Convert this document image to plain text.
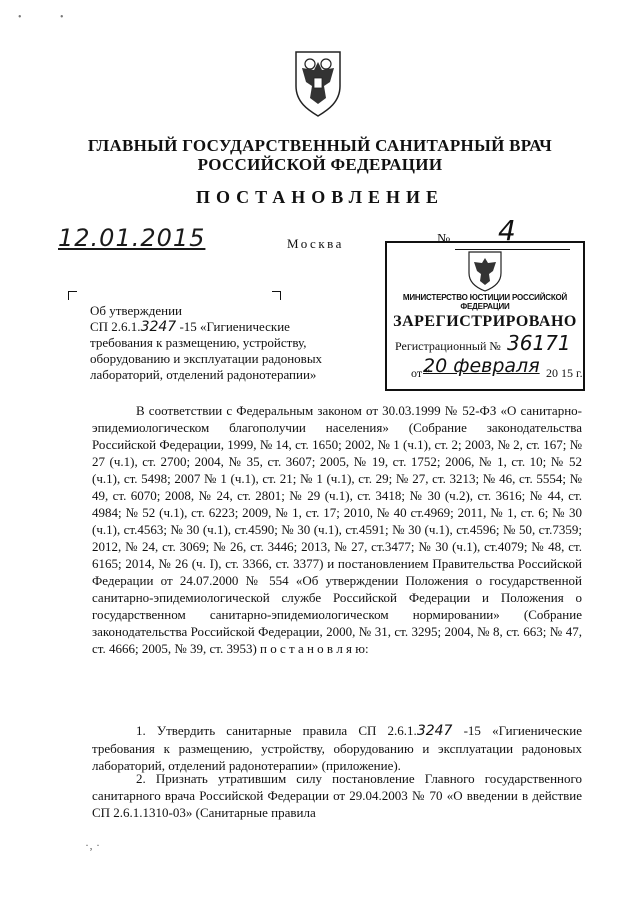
• •
ГЛАВНЫЙ ГОСУДАРСТВЕННЫЙ САНИТАРНЫЙ ВРАЧ
РОССИЙСКОЙ ФЕДЕРАЦИИ
ПОСТАНОВЛЕНИЕ
12.01.2015	Москва	№ 4
МИНИСТЕРСТВО ЮСТИЦИИ РОССИЙСКОЙ ФЕДЕРАЦИИ
ЗАРЕГИСТРИРОВАНО
Регистрационный № 36171
от "
20 февраля 20 15 г.
Об утверждении
СП 2.6.1.3247 -15 «Гигиенические
требования к размещению, устройству,
оборудованию и эксплуатации радоновых
лабораторий, отделений радонотерапии»
В соответствии с Федеральным законом от 30.03.1999 № 52-ФЗ «О санитарно-эпидемиологическом благополучии населения» (Собрание законодательства Российской Федерации, 1999, № 14, ст. 1650; 2002, № 1 (ч.1), ст. 2; 2003, № 2, ст. 167; № 27 (ч.1), ст. 2700; 2004, № 35, ст. 3607; 2005, № 19, ст. 1752; 2006, № 1, ст. 10; № 52 (ч.1), ст. 5498; 2007 № 1 (ч.1), ст. 21; № 1 (ч.1), ст. 29; № 27, ст. 3213; № 46, ст. 5554; № 49, ст. 6070; 2008, № 24, ст. 2801; № 29 (ч.1), ст. 3418; № 30 (ч.2), ст. 3616; № 44, ст. 4984; № 52 (ч.1), ст. 6223; 2009, № 1, ст. 17; 2010, № 40 ст.4969; 2011, № 1, ст. 6; № 30 (ч.1), ст.4563; № 30 (ч.1), ст.4590; № 30 (ч.1), ст.4591; № 30 (ч.1), ст.4596; № 50, ст.7359; 2012, № 24, ст. 3069; № 26, ст. 3446; 2013, № 27, ст.3477; № 30 (ч.1), ст.4079; № 48, ст. 6165; 2014, № 26 (ч. I), ст. 3366, ст. 3377) и постановлением Правительства Российской Федерации от 24.07.2000 № 554 «Об утверждении Положения о государственной санитарно-эпидемиологической службе Российской Федерации и Положения о государственном санитарно-эпидемиологическом нормировании» (Собрание законодательства Российской Федерации, 2000, № 31, ст. 3295; 2004, № 8, ст. 663; № 47, ст. 4666; 2005, № 39, ст. 3953) п о с т а н о в л я ю:
1. Утвердить санитарные правила СП 2.6.1.3247 -15 «Гигиенические требования к размещению, устройству, оборудованию и эксплуатации радоновых лабораторий, отделений радонотерапии» (приложение).
2. Признать утратившим силу постановление Главного государственного санитарного врача Российской Федерации от 29.04.2003 № 70 «О введении в действие СП 2.6.1.1310-03» (Санитарные правила
·‚ ·
